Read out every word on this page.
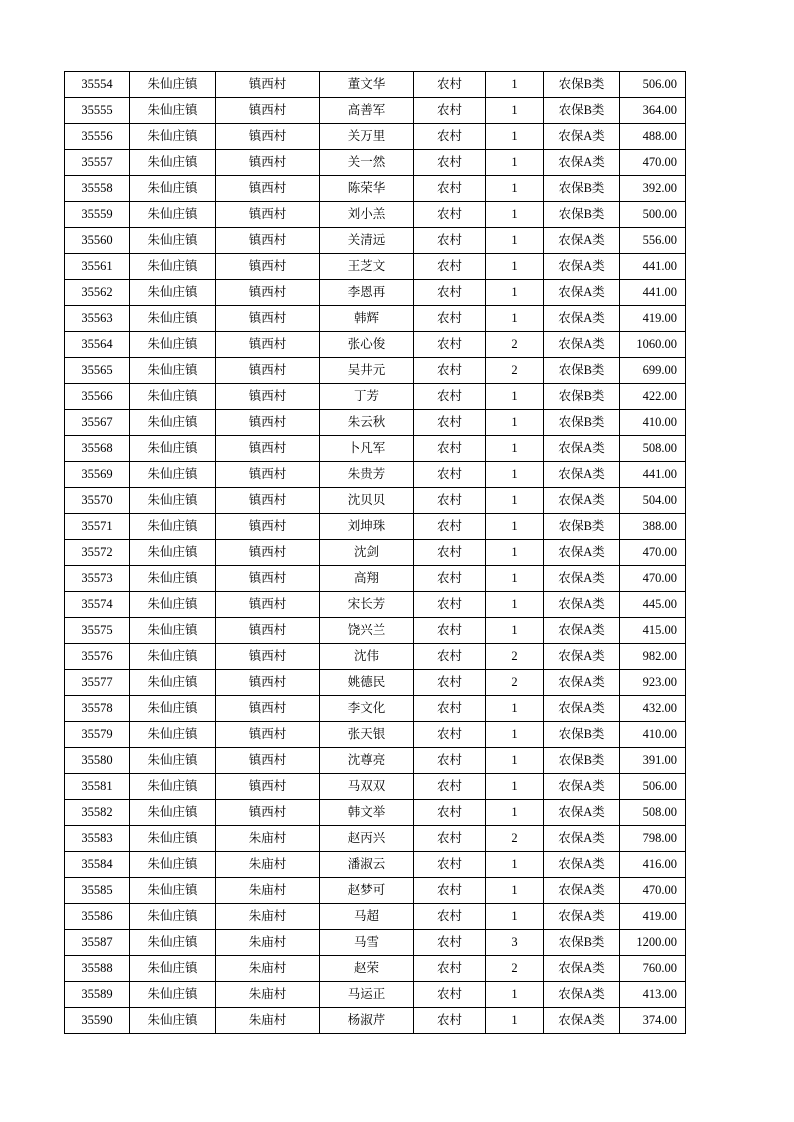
35554	朱仙庄镇	镇西村	董文华	农村	1	农保B类	506.00
35555	朱仙庄镇	镇西村	高善军	农村	1	农保B类	364.00
35556	朱仙庄镇	镇西村	关万里	农村	1	农保A类	488.00
35557	朱仙庄镇	镇西村	关一然	农村	1	农保A类	470.00
35558	朱仙庄镇	镇西村	陈荣华	农村	1	农保B类	392.00
35559	朱仙庄镇	镇西村	刘小羔	农村	1	农保B类	500.00
35560	朱仙庄镇	镇西村	关清远	农村	1	农保A类	556.00
35561	朱仙庄镇	镇西村	王芝文	农村	1	农保A类	441.00
35562	朱仙庄镇	镇西村	李恩再	农村	1	农保A类	441.00
35563	朱仙庄镇	镇西村	韩辉	农村	1	农保A类	419.00
35564	朱仙庄镇	镇西村	张心俊	农村	2	农保A类	1060.00
35565	朱仙庄镇	镇西村	吴井元	农村	2	农保B类	699.00
35566	朱仙庄镇	镇西村	丁芳	农村	1	农保B类	422.00
35567	朱仙庄镇	镇西村	朱云秋	农村	1	农保B类	410.00
35568	朱仙庄镇	镇西村	卜凡军	农村	1	农保A类	508.00
35569	朱仙庄镇	镇西村	朱贵芳	农村	1	农保A类	441.00
35570	朱仙庄镇	镇西村	沈贝贝	农村	1	农保A类	504.00
35571	朱仙庄镇	镇西村	刘坤珠	农村	1	农保B类	388.00
35572	朱仙庄镇	镇西村	沈剑	农村	1	农保A类	470.00
35573	朱仙庄镇	镇西村	高翔	农村	1	农保A类	470.00
35574	朱仙庄镇	镇西村	宋长芳	农村	1	农保A类	445.00
35575	朱仙庄镇	镇西村	饶兴兰	农村	1	农保A类	415.00
35576	朱仙庄镇	镇西村	沈伟	农村	2	农保A类	982.00
35577	朱仙庄镇	镇西村	姚德民	农村	2	农保A类	923.00
35578	朱仙庄镇	镇西村	李文化	农村	1	农保A类	432.00
35579	朱仙庄镇	镇西村	张天银	农村	1	农保B类	410.00
35580	朱仙庄镇	镇西村	沈尊亮	农村	1	农保B类	391.00
35581	朱仙庄镇	镇西村	马双双	农村	1	农保A类	506.00
35582	朱仙庄镇	镇西村	韩文举	农村	1	农保A类	508.00
35583	朱仙庄镇	朱庙村	赵丙兴	农村	2	农保A类	798.00
35584	朱仙庄镇	朱庙村	潘淑云	农村	1	农保A类	416.00
35585	朱仙庄镇	朱庙村	赵梦可	农村	1	农保A类	470.00
35586	朱仙庄镇	朱庙村	马超	农村	1	农保A类	419.00
35587	朱仙庄镇	朱庙村	马雪	农村	3	农保B类	1200.00
35588	朱仙庄镇	朱庙村	赵荣	农村	2	农保A类	760.00
35589	朱仙庄镇	朱庙村	马运正	农村	1	农保A类	413.00
35590	朱仙庄镇	朱庙村	杨淑芹	农村	1	农保A类	374.00
